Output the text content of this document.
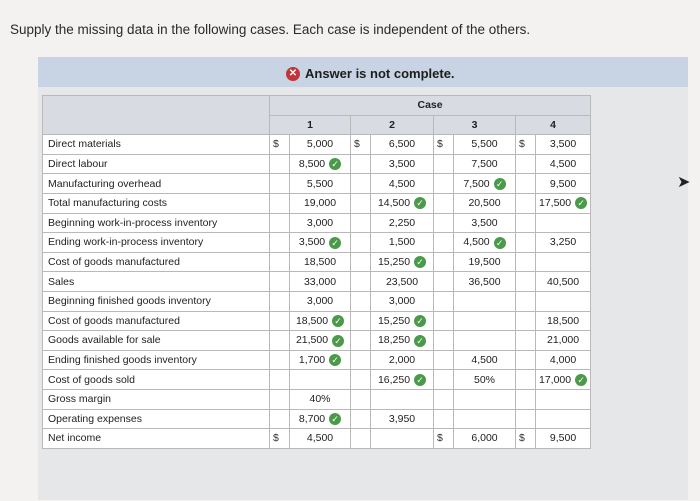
Supply the missing data in the following cases. Each case is independent of the others.
✕ Answer is not complete.
	Case							
	1		2		3		4	
Direct materials	$	5,000	$	6,500	$	5,500	$	3,500
Direct labour		8,500 ✓		3,500		7,500		4,500
Manufacturing overhead		5,500		4,500		7,500 ✓		9,500
Total manufacturing costs		19,000		14,500 ✓		20,500		17,500 ✓
Beginning work-in-process inventory		3,000		2,250		3,500		
Ending work-in-process inventory		3,500 ✓		1,500		4,500 ✓		3,250
Cost of goods manufactured		18,500		15,250 ✓		19,500		
Sales		33,000		23,500		36,500		40,500
Beginning finished goods inventory		3,000		3,000				
Cost of goods manufactured		18,500 ✓		15,250 ✓				18,500
Goods available for sale		21,500 ✓		18,250 ✓				21,000
Ending finished goods inventory		1,700 ✓		2,000		4,500		4,000
Cost of goods sold				16,250 ✓		50%		17,000 ✓
Gross margin		40%						
Operating expenses		8,700 ✓		3,950				
Net income	$	4,500			$	6,000	$	9,500
➤
